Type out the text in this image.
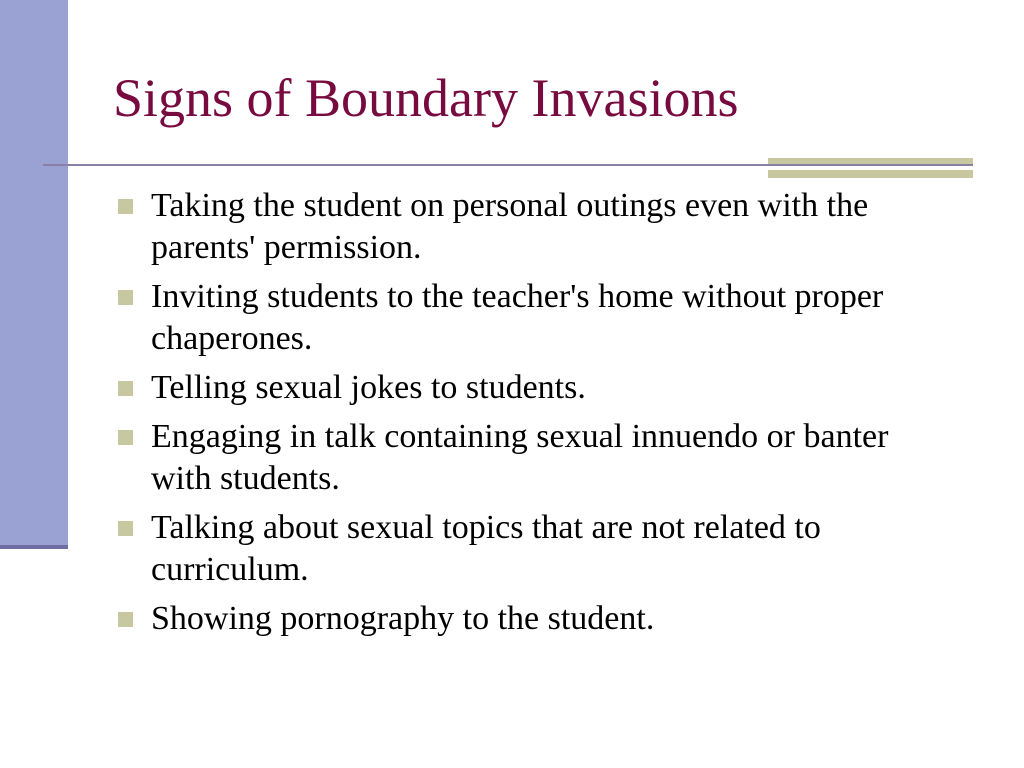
Signs of Boundary Invasions
Taking the student on personal outings even with the parents' permission.
Inviting students to the teacher's home without proper chaperones.
Telling sexual jokes to students.
Engaging in talk containing sexual innuendo or banter with students.
Talking about sexual topics that are not related to curriculum.
Showing pornography to the student.
